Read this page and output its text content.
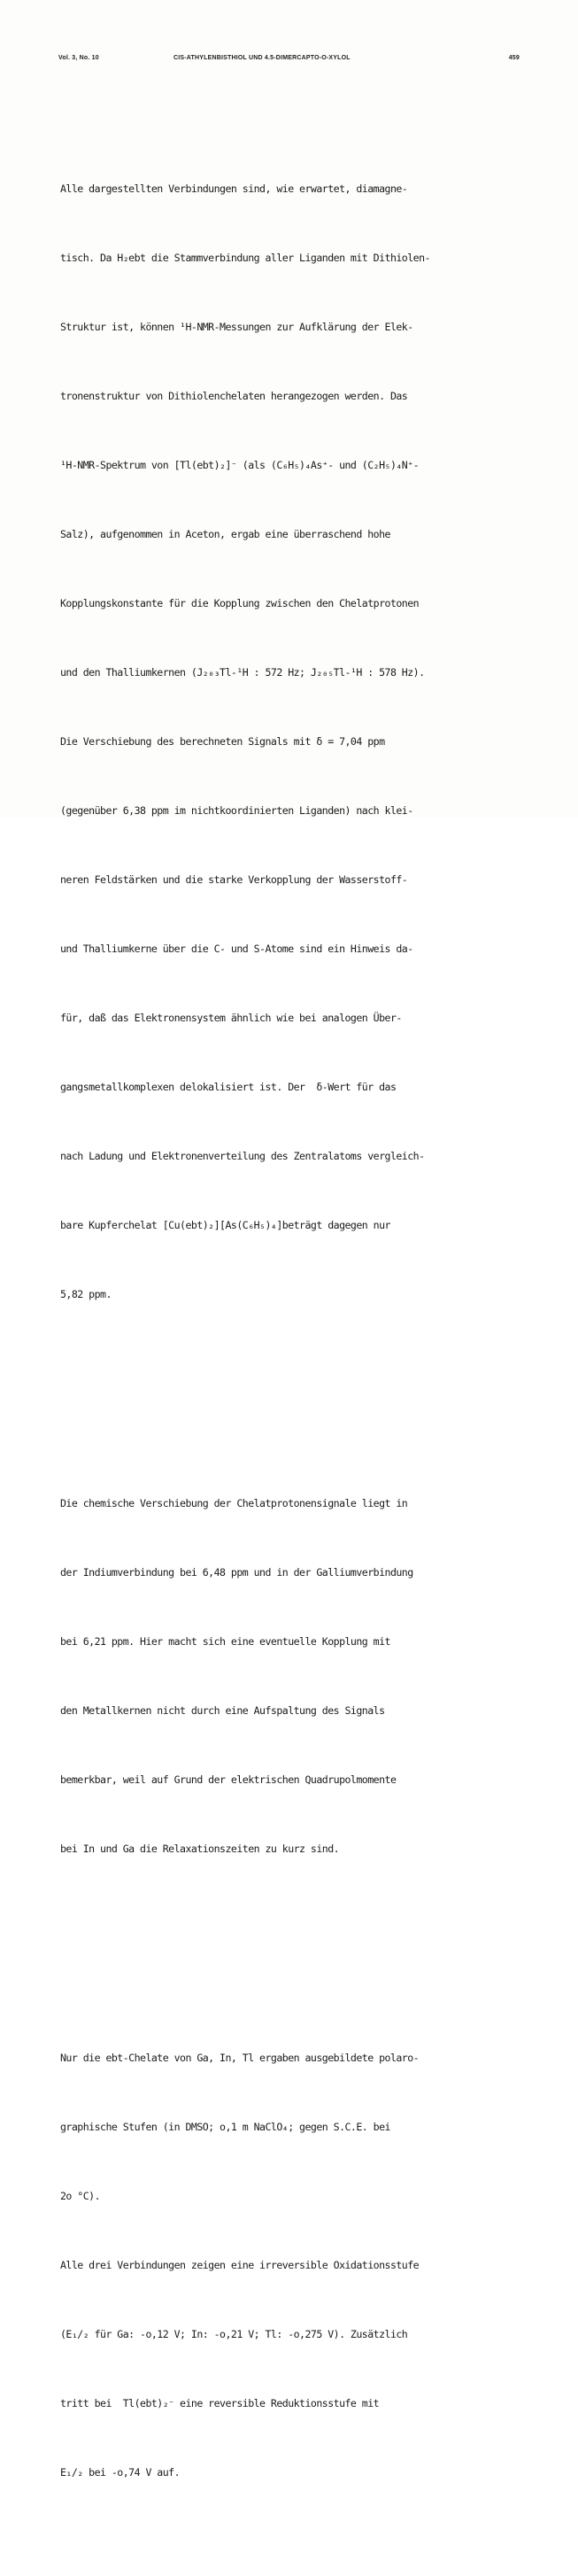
Vol. 3, No. 10	CIS-ATHYLENBISTHIOL UND 4.5-DIMERCAPTO-O-XYLOL	459

Alle dargestellten Verbindungen sind, wie erwartet, diamagne-

tisch. Da H₂ebt die Stammverbindung aller Liganden mit Dithiolen-

Struktur ist, können ¹H-NMR-Messungen zur Aufklärung der Elek-

tronenstruktur von Dithiolenchelaten herangezogen werden. Das

¹H-NMR-Spektrum von [Tl(ebt)₂]⁻ (als (C₆H₅)₄As⁺- und (C₂H₅)₄N⁺-

Salz), aufgenommen in Aceton, ergab eine überraschend hohe

Kopplungskonstante für die Kopplung zwischen den Chelatprotonen

und den Thalliumkernen (J₂₀₃Tl-¹H : 572 Hz; J₂₀₅Tl-¹H : 578 Hz).

Die Verschiebung des berechneten Signals mit δ = 7,04 ppm

(gegenüber 6,38 ppm im nichtkoordinierten Liganden) nach klei-

neren Feldstärken und die starke Verkopplung der Wasserstoff-

und Thalliumkerne über die C- und S-Atome sind ein Hinweis da-

für, daß das Elektronensystem ähnlich wie bei analogen Über-

gangsmetallkomplexen delokalisiert ist. Der  δ-Wert für das

nach Ladung und Elektronenverteilung des Zentralatoms vergleich-

bare Kupferchelat [Cu(ebt)₂][As(C₆H₅)₄]beträgt dagegen nur

5,82 ppm.

Die chemische Verschiebung der Chelatprotonensignale liegt in

der Indiumverbindung bei 6,48 ppm und in der Galliumverbindung

bei 6,21 ppm. Hier macht sich eine eventuelle Kopplung mit

den Metallkernen nicht durch eine Aufspaltung des Signals

bemerkbar, weil auf Grund der elektrischen Quadrupolmomente

bei In und Ga die Relaxationszeiten zu kurz sind.

Nur die ebt-Chelate von Ga, In, Tl ergaben ausgebildete polaro-

graphische Stufen (in DMSO; o,1 m NaClO₄; gegen S.C.E. bei

2o °C).

Alle drei Verbindungen zeigen eine irreversible Oxidationsstufe

(E₁/₂ für Ga: -o,12 V; In: -o,21 V; Tl: -o,275 V). Zusätzlich

tritt bei  Tl(ebt)₂⁻ eine reversible Reduktionsstufe mit

E₁/₂ bei -o,74 V auf.
